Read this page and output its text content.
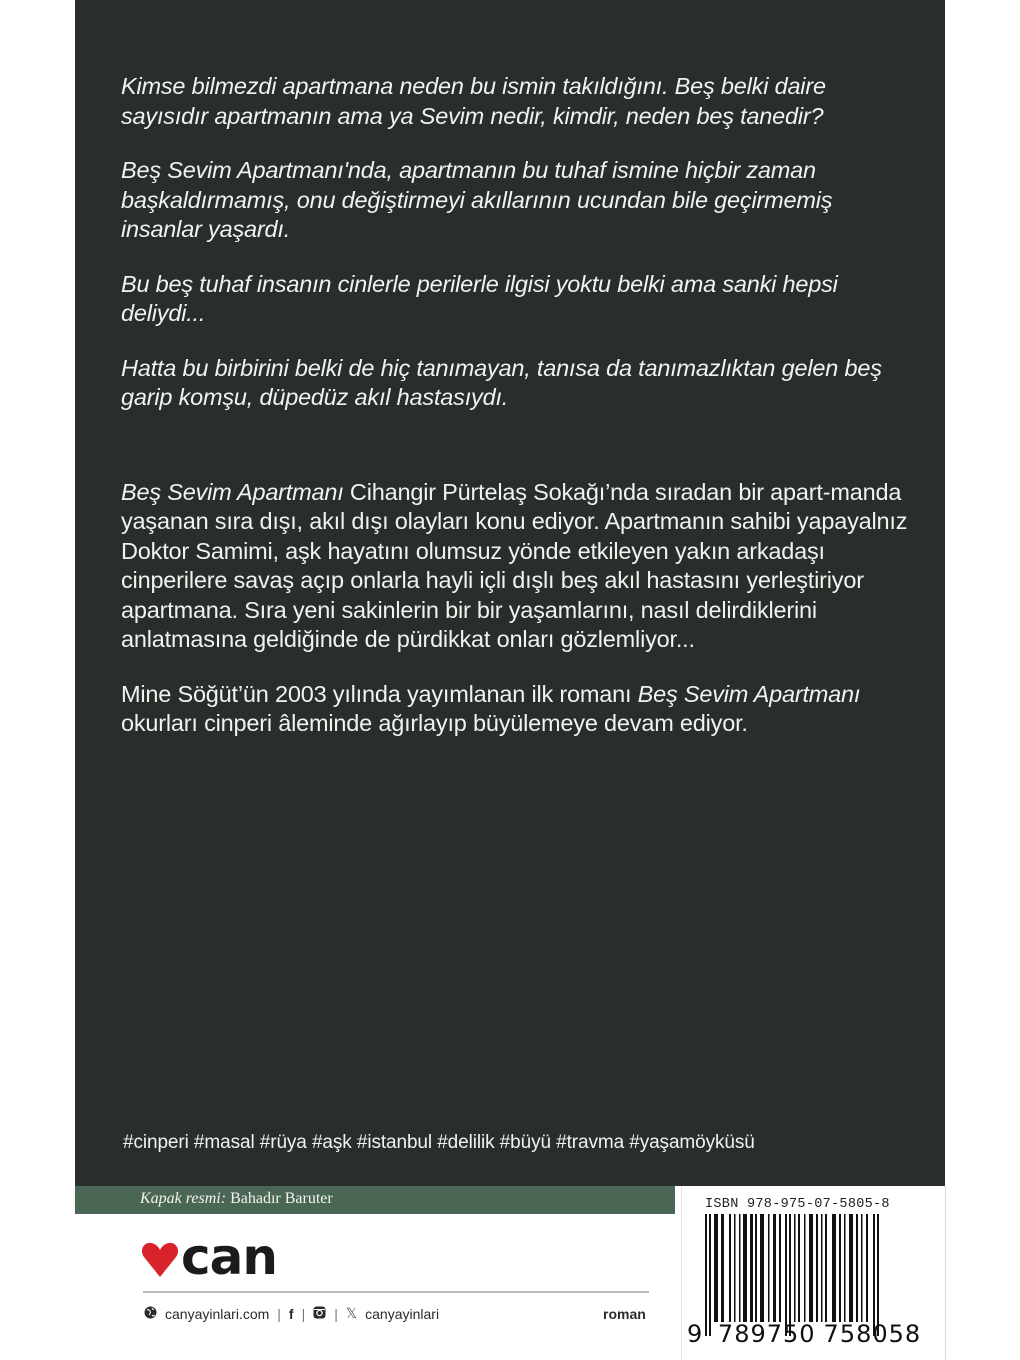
Kimse bilmezdi apartmana neden bu ismin takıldığını. Beş belki daire sayısıdır apartmanın ama ya Sevim nedir, kimdir, neden beş tanedir?

Beş Sevim Apartmanı'nda, apartmanın bu tuhaf ismine hiçbir zaman başkaldırmamış, onu değiştirmeyi akıllarının ucundan bile geçirmemiş insanlar yaşardı.

Bu beş tuhaf insanın cinlerle perilerle ilgisi yoktu belki ama sanki hepsi deliydi...

Hatta bu birbirini belki de hiç tanımayan, tanısa da tanımazlıktan gelen beş garip komşu, düpedüz akıl hastasıydı.

Beş Sevim Apartmanı Cihangir Pürtelaş Sokağı’nda sıradan bir apart-manda yaşanan sıra dışı, akıl dışı olayları konu ediyor. Apartmanın sahibi yapayalnız Doktor Samimi, aşk hayatını olumsuz yönde etkileyen yakın arkadaşı cinperilere savaş açıp onlarla hayli içli dışlı beş akıl hastasını yerleştiriyor apartmana. Sıra yeni sakinlerin bir bir yaşamlarını, nasıl delirdiklerini anlatmasına geldiğinde de pürdikkat onları gözlemliyor...

Mine Söğüt’ün 2003 yılında yayımlanan ilk romanı Beş Sevim Apartmanı
okurları cinperi âleminde ağırlayıp büyülemeye devam ediyor.

#cinperi #masal #rüya #aşk #istanbul #delilik #büyü #travma #yaşamöyküsü
Kapak resmi: Bahadır Baruter
can
canyayinlari.com | f | | 𝕏 canyayinlari	roman
ISBN 978-975-07-5805-8
9 789750 758058
